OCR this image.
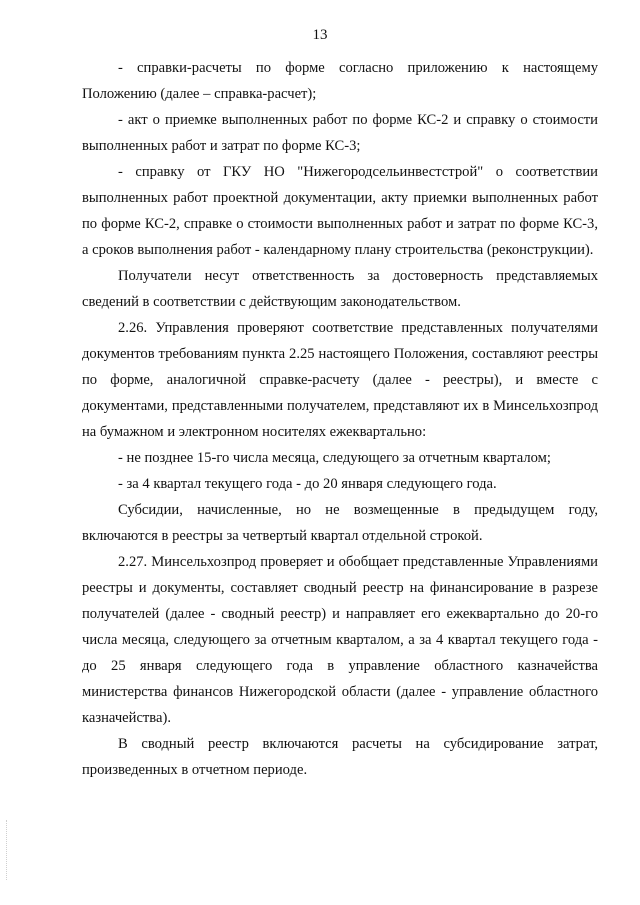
13

- справки-расчеты по форме согласно приложению к настоящему Положению (далее – справка-расчет);

- акт о приемке выполненных работ по форме КС-2 и справку о стоимости выполненных работ и затрат по форме КС-3;

- справку от ГКУ НО "Нижегородсельинвестстрой" о соответствии выполненных работ проектной документации, акту приемки выполненных работ по форме КС-2, справке о стоимости выполненных работ и затрат по форме КС-3, а сроков выполнения работ - календарному плану строительства (реконструкции).

Получатели несут ответственность за достоверность представляемых сведений в соответствии с действующим законодательством.

2.26. Управления проверяют соответствие представленных получателями документов требованиям пункта 2.25 настоящего Положения, составляют реестры по форме, аналогичной справке-расчету (далее - реестры), и вместе с документами, представленными получателем, представляют их в Минсельхозпрод на бумажном и электронном носителях ежеквартально:

- не позднее 15-го числа месяца, следующего за отчетным кварталом;

- за 4 квартал текущего года - до 20 января следующего года.

Субсидии, начисленные, но не возмещенные в предыдущем году, включаются в реестры за четвертый квартал отдельной строкой.

2.27. Минсельхозпрод проверяет и обобщает представленные Управлениями реестры и документы, составляет сводный реестр на финансирование в разрезе получателей (далее - сводный реестр) и направляет его ежеквартально до 20-го числа месяца, следующего за отчетным кварталом, а за 4 квартал текущего года - до 25 января следующего года в управление областного казначейства министерства финансов Нижегородской области (далее - управление областного казначейства).

В сводный реестр включаются расчеты на субсидирование затрат, произведенных в отчетном периоде.
